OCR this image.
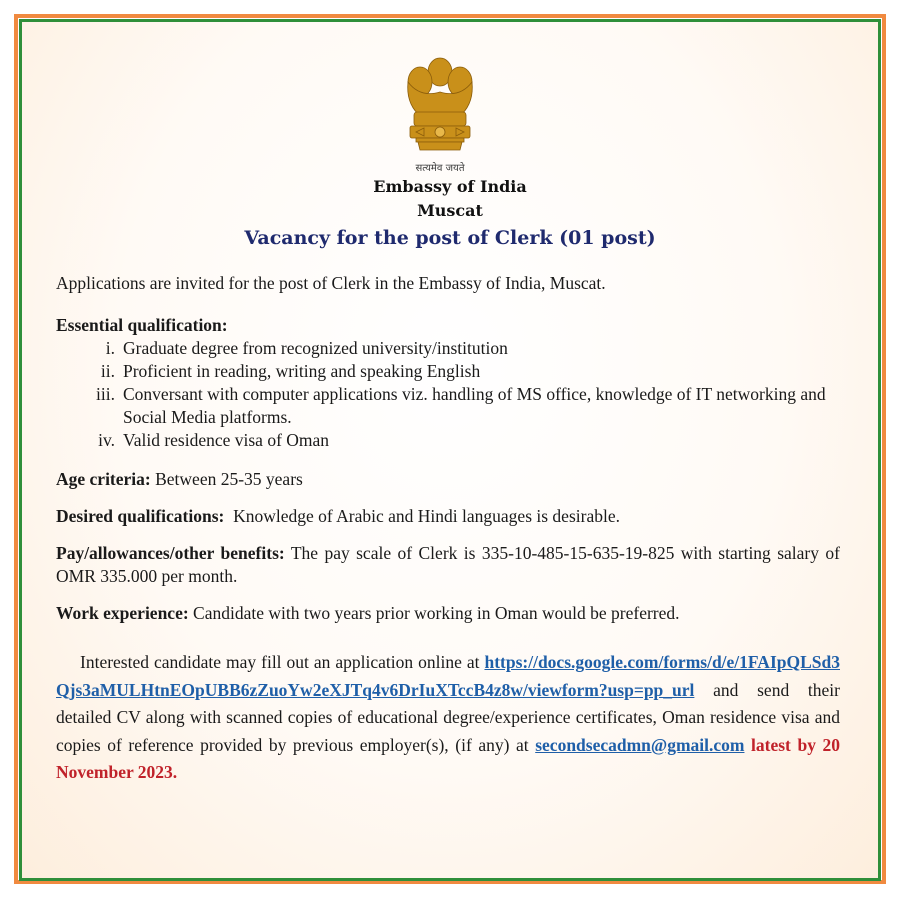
सत्यमेव जयते
Embassy of India
Muscat
Vacancy for the post of Clerk (01 post)

Applications are invited for the post of Clerk in the Embassy of India, Muscat.

Essential qualification:

i. Graduate degree from recognized university/institution
ii. Proficient in reading, writing and speaking English
iii. Conversant with computer applications viz. handling of MS office, knowledge of IT networking and Social Media platforms.
iv. Valid residence visa of Oman

Age criteria: Between 25-35 years

Desired qualifications:  Knowledge of Arabic and Hindi languages is desirable.

Pay/allowances/other benefits: The pay scale of Clerk is 335-10-485-15-635-19-825 with starting salary of OMR 335.000 per month.

Work experience: Candidate with two years prior working in Oman would be preferred.

Interested candidate may fill out an application online at https://docs.google.com/forms/d/e/1FAIpQLSd3Qjs3aMULHtnEOpUBB6zZuoYw2eXJTq4v6DrIuXTccB4z8w/viewform?usp=pp_url and send their detailed CV along with scanned copies of educational degree/experience certificates, Oman residence visa and copies of reference provided by previous employer(s), (if any) at secondsecadmn@gmail.com latest by 20 November 2023.
